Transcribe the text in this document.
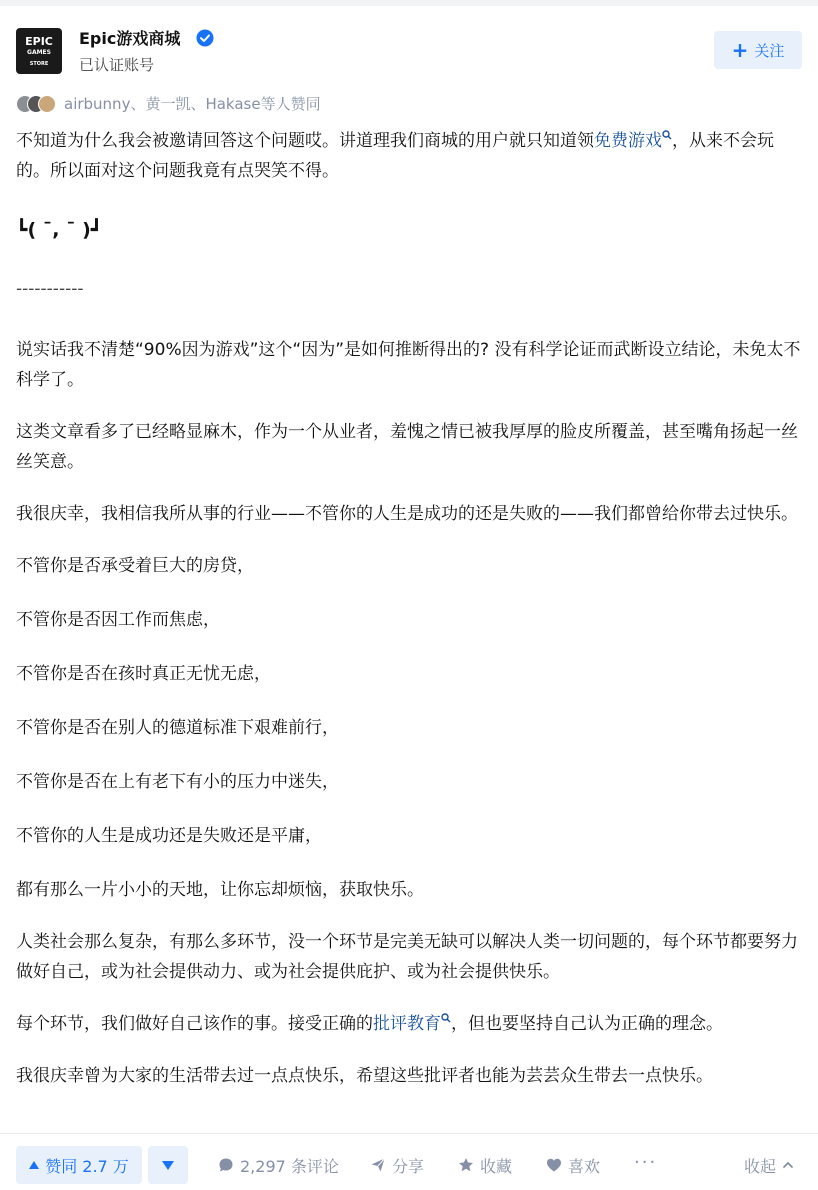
EPIC
GAMES
STORE
Epic游戏商城
已认证账号
+ 关注
airbunny、黄一凯、Hakase等人赞同

不知道为什么我会被邀请回答这个问题哎。讲道理我们商城的用户就只知道领免费游戏 ，从来不会玩的。所以面对这个问题我竟有点哭笑不得。

┗( ¯, ¯ )┛

-----------

说实话我不清楚“90%因为游戏”这个“因为”是如何推断得出的? 没有科学论证而武断设立结论，未免太不科学了。

这类文章看多了已经略显麻木，作为一个从业者，羞愧之情已被我厚厚的脸皮所覆盖，甚至嘴角扬起一丝丝笑意。

我很庆幸，我相信我所从事的行业——不管你的人生是成功的还是失败的——我们都曾给你带去过快乐。

不管你是否承受着巨大的房贷，

不管你是否因工作而焦虑，

不管你是否在孩时真正无忧无虑，

不管你是否在别人的德道标准下艰难前行，

不管你是否在上有老下有小的压力中迷失，

不管你的人生是成功还是失败还是平庸，

都有那么一片小小的天地，让你忘却烦恼，获取快乐。

人类社会那么复杂，有那么多环节，没一个环节是完美无缺可以解决人类一切问题的，每个环节都要努力做好自己，或为社会提供动力、或为社会提供庇护、或为社会提供快乐。

每个环节，我们做好自己该作的事。接受正确的批评教育 ，但也要坚持自己认为正确的理念。

我很庆幸曾为大家的生活带去过一点点快乐，希望这些批评者也能为芸芸众生带去一点快乐。

赞同 2.7 万	2,297 条评论	分享	收藏	喜欢 ···	收起
